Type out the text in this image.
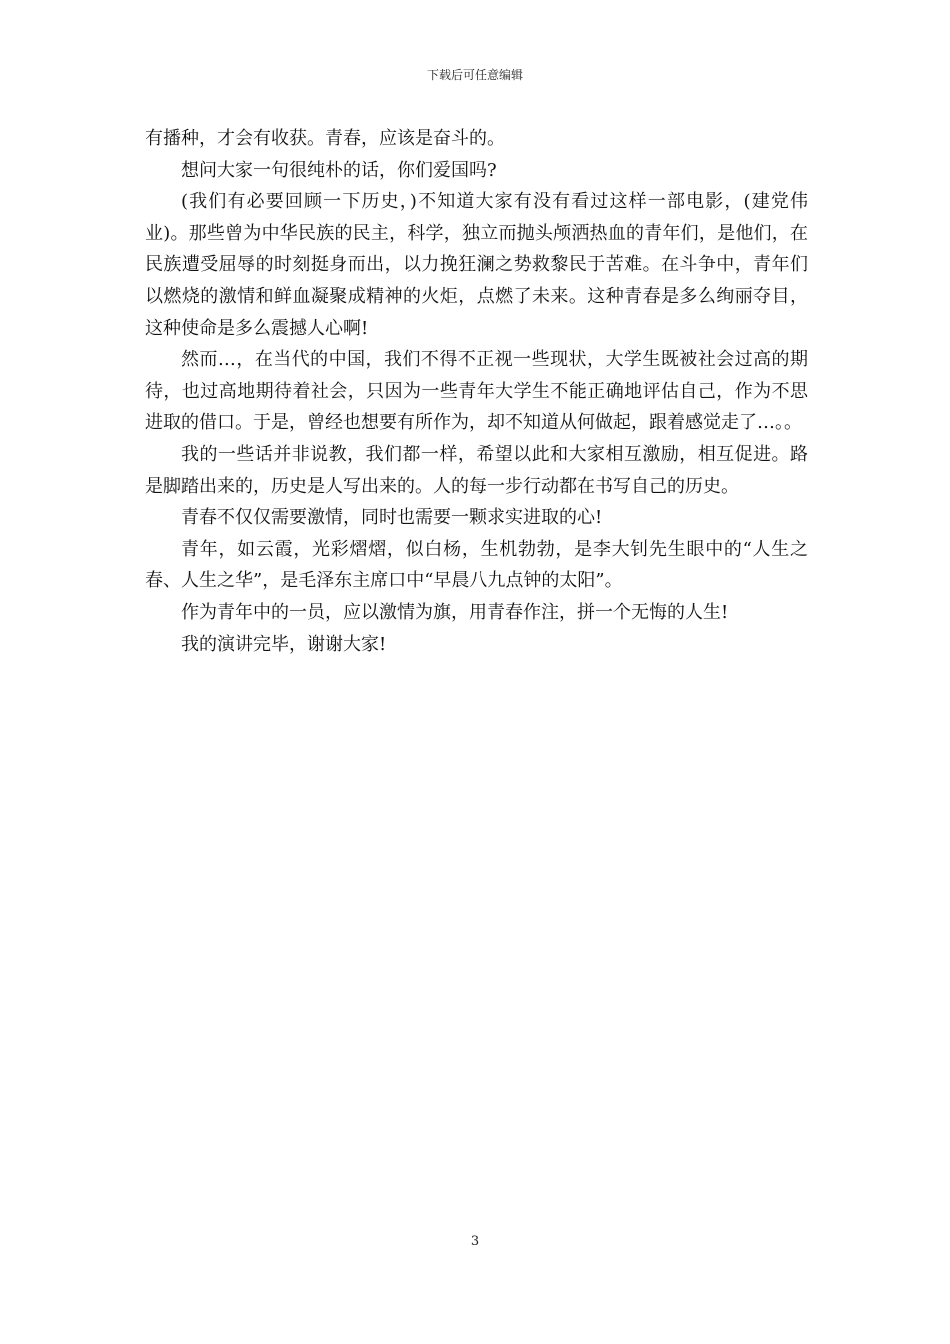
下载后可任意编辑

有播种，才会有收获。青春，应该是奋斗的。

想问大家一句很纯朴的话，你们爱国吗?

(我们有必要回顾一下历史，)不知道大家有没有看过这样一部电影，(建党伟业)。那些曾为中华民族的民主，科学，独立而抛头颅洒热血的青年们，是他们，在民族遭受屈辱的时刻挺身而出，以力挽狂澜之势救黎民于苦难。在斗争中，青年们以燃烧的激情和鲜血凝聚成精神的火炬，点燃了未来。这种青春是多么绚丽夺目，这种使命是多么震撼人心啊!

然而…，在当代的中国，我们不得不正视一些现状，大学生既被社会过高的期待，也过高地期待着社会，只因为一些青年大学生不能正确地评估自己，作为不思进取的借口。于是，曾经也想要有所作为，却不知道从何做起，跟着感觉走了…。。

我的一些话并非说教，我们都一样，希望以此和大家相互激励，相互促进。路是脚踏出来的，历史是人写出来的。人的每一步行动都在书写自己的历史。

青春不仅仅需要激情，同时也需要一颗求实进取的心!

青年，如云霞，光彩熠熠，似白杨，生机勃勃，是李大钊先生眼中的“人生之春、人生之华”，是毛泽东主席口中“早晨八九点钟的太阳”。

作为青年中的一员，应以激情为旗，用青春作注，拼一个无悔的人生!

我的演讲完毕，谢谢大家!

3
